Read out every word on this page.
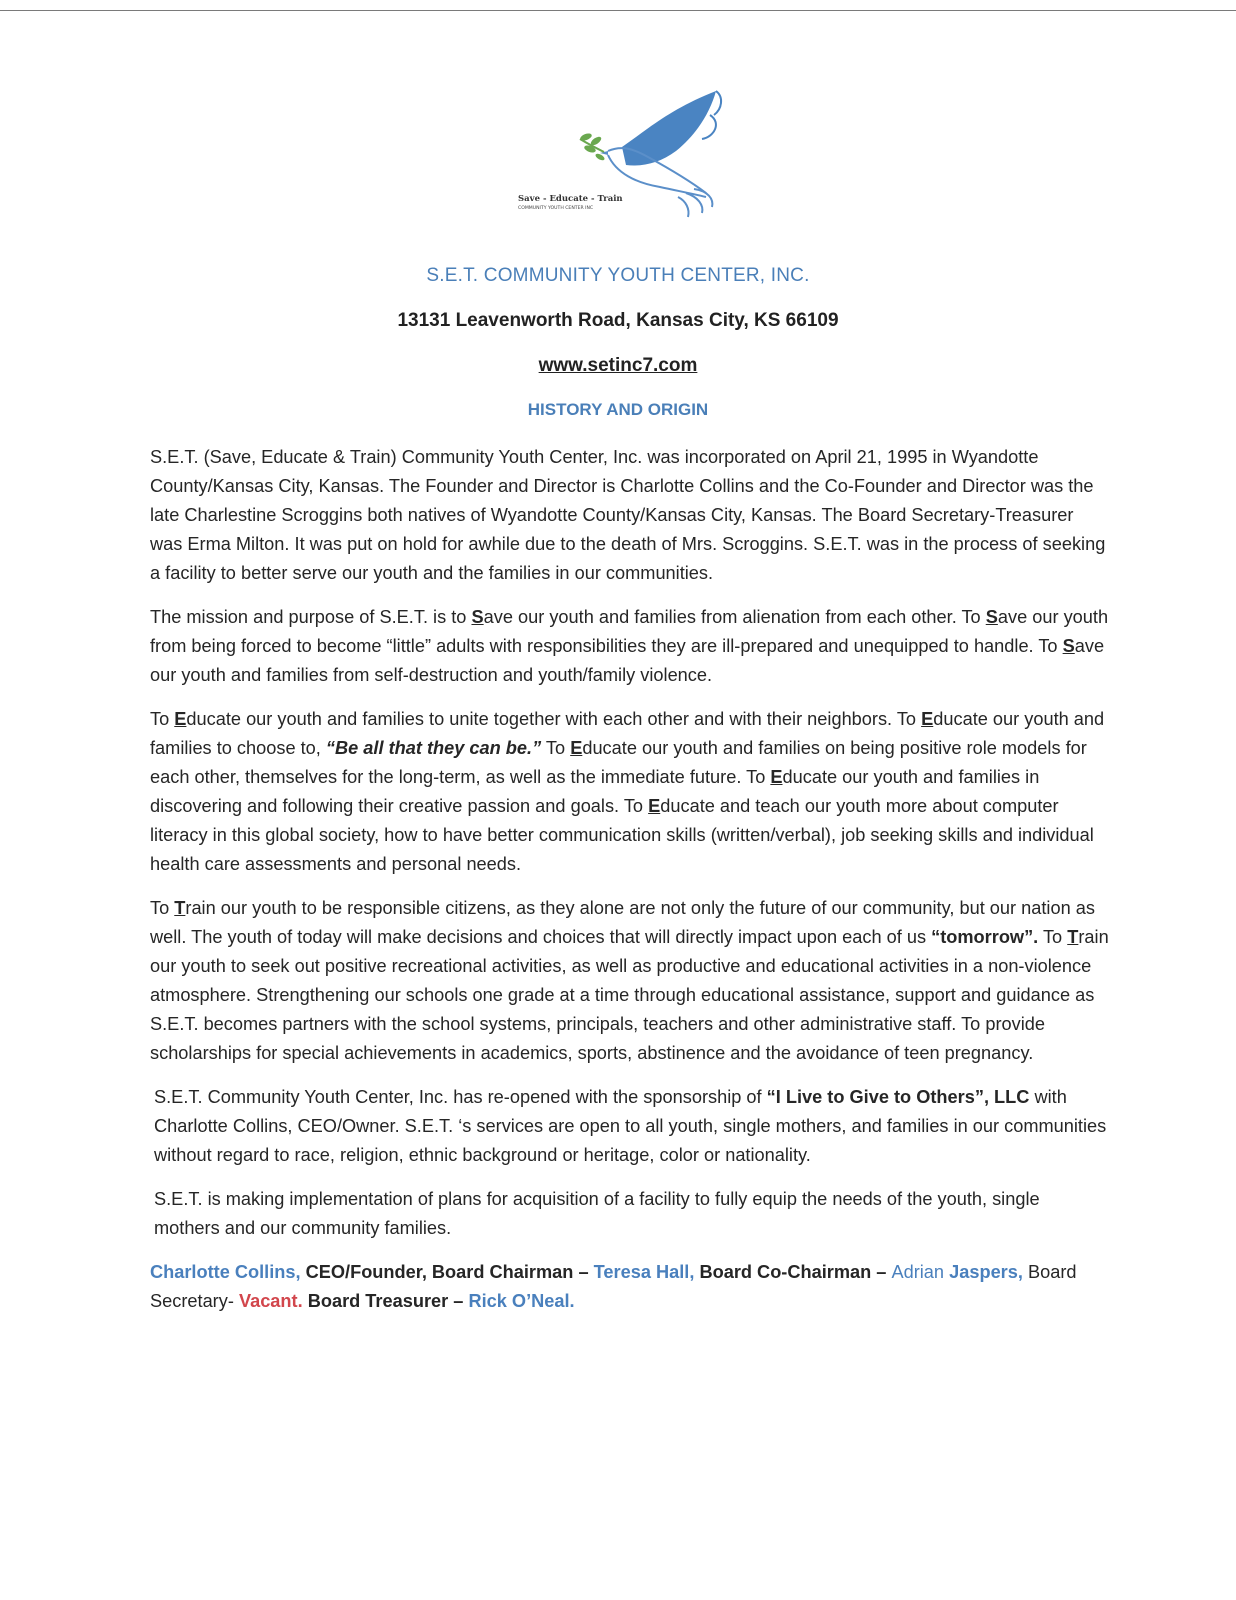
Save - Educate - Train
COMMUNITY YOUTH CENTER INC
S.E.T. COMMUNITY YOUTH CENTER, INC.
13131 Leavenworth Road, Kansas City, KS 66109
www.setinc7.com
HISTORY AND ORIGIN

S.E.T. (Save, Educate & Train) Community Youth Center, Inc. was incorporated on April 21, 1995 in Wyandotte County/Kansas City, Kansas. The Founder and Director is Charlotte Collins and the Co-Founder and Director was the late Charlestine Scroggins both natives of Wyandotte County/Kansas City, Kansas. The Board Secretary-Treasurer was Erma Milton. It was put on hold for awhile due to the death of Mrs. Scroggins. S.E.T. was in the process of seeking a facility to better serve our youth and the families in our communities.

The mission and purpose of S.E.T. is to Save our youth and families from alienation from each other. To Save our youth from being forced to become “little” adults with responsibilities they are ill-prepared and unequipped to handle. To Save our youth and families from self-destruction and youth/family violence.

To Educate our youth and families to unite together with each other and with their neighbors. To Educate our youth and families to choose to, “Be all that they can be.” To Educate our youth and families on being positive role models for each other, themselves for the long-term, as well as the immediate future. To Educate our youth and families in discovering and following their creative passion and goals. To Educate and teach our youth more about computer literacy in this global society, how to have better communication skills (written/verbal), job seeking skills and individual health care assessments and personal needs.

To Train our youth to be responsible citizens, as they alone are not only the future of our community, but our nation as well. The youth of today will make decisions and choices that will directly impact upon each of us “tomorrow”. To Train our youth to seek out positive recreational activities, as well as productive and educational activities in a non-violence atmosphere. Strengthening our schools one grade at a time through educational assistance, support and guidance as S.E.T. becomes partners with the school systems, principals, teachers and other administrative staff. To provide scholarships for special achievements in academics, sports, abstinence and the avoidance of teen pregnancy.

S.E.T. Community Youth Center, Inc. has re-opened with the sponsorship of “I Live to Give to Others”, LLC with Charlotte Collins, CEO/Owner. S.E.T. ‘s services are open to all youth, single mothers, and families in our communities without regard to race, religion, ethnic background or heritage, color or nationality.

S.E.T. is making implementation of plans for acquisition of a facility to fully equip the needs of the youth, single mothers and our community families.

Charlotte Collins, CEO/Founder, Board Chairman – Teresa Hall, Board Co-Chairman – Adrian Jaspers, Board Secretary- Vacant. Board Treasurer – Rick O’Neal.
